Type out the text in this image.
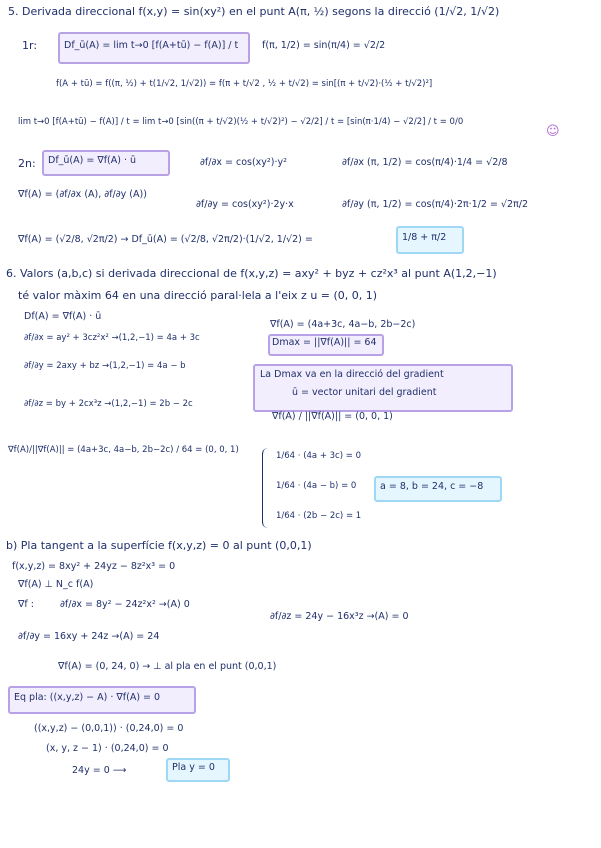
5. Derivada direccional f(x,y) = sin(xy²) en el punt A(π, ½) segons la direcció (1/√2, 1/√2)
1r:	Df_ū(A) = lim t→0 [f(A+tū) − f(A)] / t	f(π, 1/2) = sin(π/4) = √2/2
f(A + tū) = f((π, ½) + t(1/√2, 1/√2)) = f(π + t/√2 , ½ + t/√2) = sin[(π + t/√2)·(½ + t/√2)²]
lim t→0 [f(A+tū) − f(A)] / t = lim t→0 [sin((π + t/√2)(½ + t/√2)²) − √2/2] / t = [sin(π·1/4) − √2/2] / t = 0/0
☺
2n: Df_ū(A) = ∇f(A) · ū	∂f/∂x = cos(xy²)·y²	∂f/∂x (π, 1/2) = cos(π/4)·1/4 = √2/8
∇f(A) = (∂f/∂x (A), ∂f/∂y (A))
∂f/∂y = cos(xy²)·2y·x	∂f/∂y (π, 1/2) = cos(π/4)·2π·1/2 = √2π/2
∇f(A) = (√2/8, √2π/2) → Df_ū(A) = (√2/8, √2π/2)·(1/√2, 1/√2) =	1/8 + π/2
6. Valors (a,b,c) si derivada direccional de f(x,y,z) = axy² + byz + cz²x³ al punt A(1,2,−1)
té valor màxim 64 en una direcció paral·lela a l'eix z u = (0, 0, 1)
Df(A) = ∇f(A) · ū
∇f(A) = (4a+3c, 4a−b, 2b−2c)
∂f/∂x = ay² + 3cz²x² →(1,2,−1) = 4a + 3c	Dmax = ||∇f(A)|| = 64
∂f/∂y = 2axy + bz →(1,2,−1) = 4a − b
La Dmax va en la direcció del gradient
ū = vector unitari del gradient
∂f/∂z = by + 2cx³z →(1,2,−1) = 2b − 2c
∇f(A) / ||∇f(A)|| = (0, 0, 1)
∇f(A)/||∇f(A)|| = (4a+3c, 4a−b, 2b−2c) / 64 = (0, 0, 1)
1/64 · (4a + 3c) = 0
1/64 · (4a − b) = 0
1/64 · (2b − 2c) = 1
a = 8, b = 24, c = −8
b) Pla tangent a la superfície f(x,y,z) = 0 al punt (0,0,1)
f(x,y,z) = 8xy² + 24yz − 8z²x³ = 0
∇f(A) ⊥ N_c f(A)
∇f :	∂f/∂x = 8y² − 24z²x² →(A) 0
∂f/∂z = 24y − 16x³z →(A) = 0
∂f/∂y = 16xy + 24z →(A) = 24
∇f(A) = (0, 24, 0) → ⊥ al pla en el punt (0,0,1)
Eq pla: ((x,y,z) − A) · ∇f(A) = 0
((x,y,z) − (0,0,1)) · (0,24,0) = 0
(x, y, z − 1) · (0,24,0) = 0
24y = 0 ⟶	Pla y = 0
